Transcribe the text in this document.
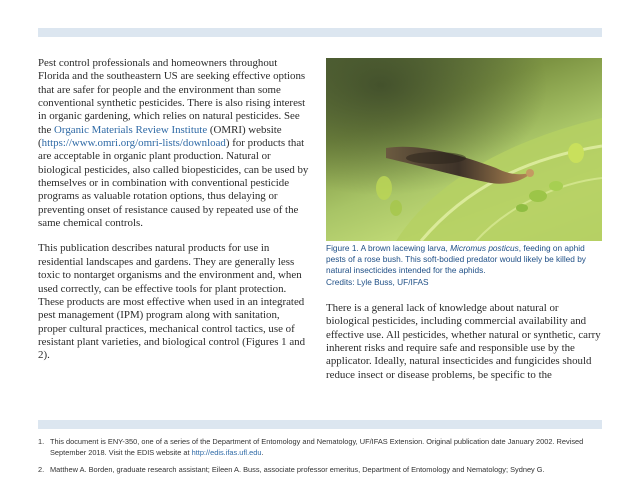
Pest control professionals and homeowners throughout Florida and the southeastern US are seeking effective options that are safer for people and the environment than some conventional synthetic pesticides. There is also rising interest in organic gardening, which relies on natural pesticides. See the Organic Materials Review Institute (OMRI) website (https://www.omri.org/omri-lists/download) for products that are acceptable in organic plant production. Natural or biological pesticides, also called biopesticides, can be used by themselves or in combination with conventional pesticide programs as valuable rotation options, thus delaying or preventing onset of resistance caused by repeated use of the same chemical controls.

This publication describes natural products for use in residential landscapes and gardens. They are generally less toxic to nontarget organisms and the environment and, when used correctly, can be effective tools for plant protection. These products are most effective when used in an integrated pest management (IPM) program along with sanitation, proper cultural practices, mechanical control tactics, use of resistant plant varieties, and biological control (Figures 1 and 2).

Figure 1. A brown lacewing larva, Micromus posticus, feeding on aphid pests of a rose bush. This soft-bodied predator would likely be killed by natural insecticides intended for the aphids.

Credits: Lyle Buss, UF/IFAS

There is a general lack of knowledge about natural or biological pesticides, including commercial availability and effective use. All pesticides, whether natural or synthetic, carry inherent risks and require safe and responsible use by the applicator. Ideally, natural insecticides and fungicides should reduce insect or disease problems, be specific to the

1. This document is ENY-350, one of a series of the Department of Entomology and Nematology, UF/IFAS Extension. Original publication date January 2002. Revised September 2018. Visit the EDIS website at http://edis.ifas.ufl.edu.

2. Matthew A. Borden, graduate research assistant; Eileen A. Buss, associate professor emeritus, Department of Entomology and Nematology; Sydney G.
